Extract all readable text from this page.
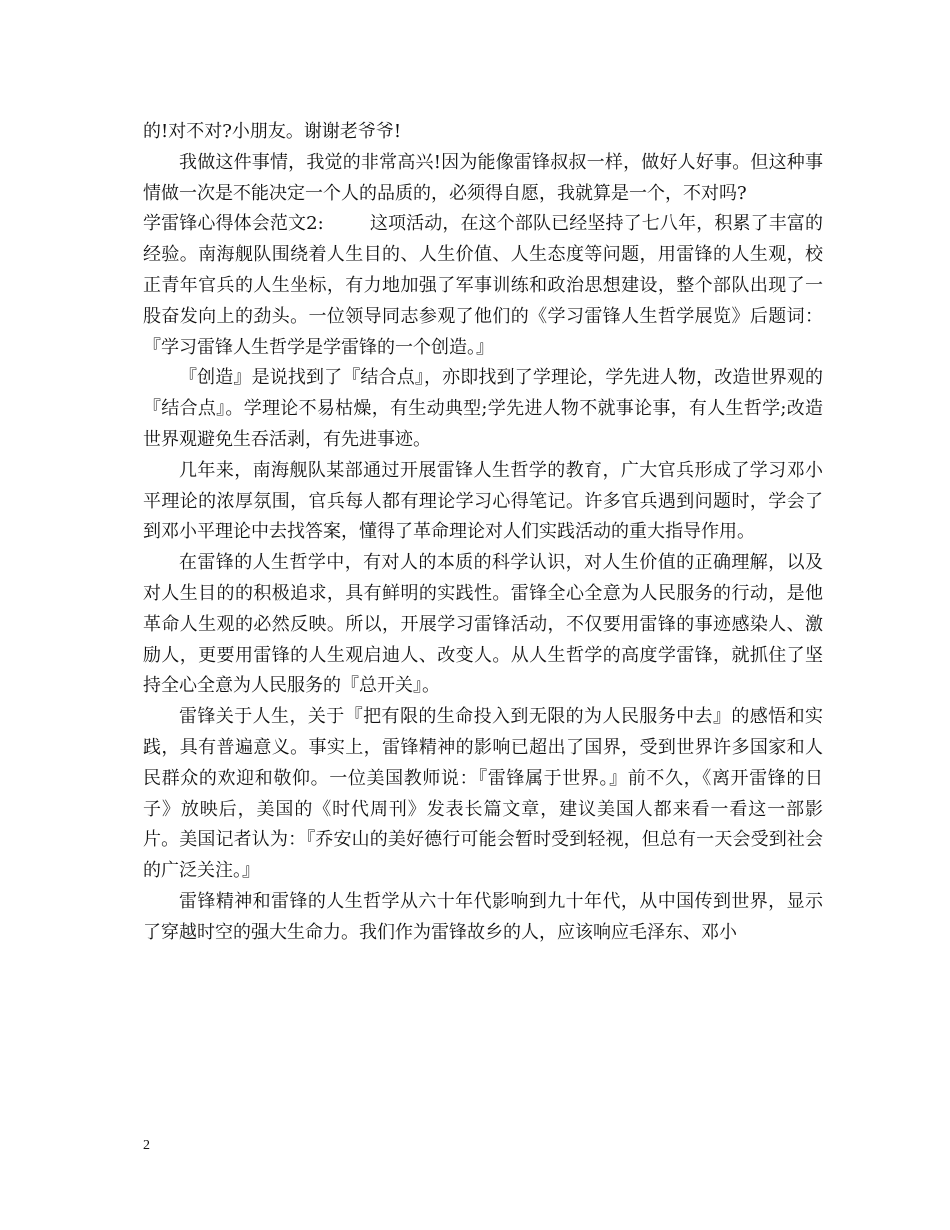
的!对不对?小朋友。谢谢老爷爷!

我做这件事情，我觉的非常高兴!因为能像雷锋叔叔一样，做好人好事。但这种事情做一次是不能决定一个人的品质的，必须得自愿，我就算是一个，不对吗?

学雷锋心得体会范文2:	这项活动，在这个部队已经坚持了七八年，积累了丰富的经验。南海舰队围绕着人生目的、人生价值、人生态度等问题，用雷锋的人生观，校正青年官兵的人生坐标，有力地加强了军事训练和政治思想建设，整个部队出现了一股奋发向上的劲头。一位领导同志参观了他们的《学习雷锋人生哲学展览》后题词：『学习雷锋人生哲学是学雷锋的一个创造。』

『创造』是说找到了『结合点』，亦即找到了学理论，学先进人物，改造世界观的『结合点』。学理论不易枯燥，有生动典型;学先进人物不就事论事，有人生哲学;改造世界观避免生吞活剥，有先进事迹。

几年来，南海舰队某部通过开展雷锋人生哲学的教育，广大官兵形成了学习邓小平理论的浓厚氛围，官兵每人都有理论学习心得笔记。许多官兵遇到问题时，学会了到邓小平理论中去找答案，懂得了革命理论对人们实践活动的重大指导作用。

在雷锋的人生哲学中，有对人的本质的科学认识，对人生价值的正确理解，以及对人生目的的积极追求，具有鲜明的实践性。雷锋全心全意为人民服务的行动，是他革命人生观的必然反映。所以，开展学习雷锋活动，不仅要用雷锋的事迹感染人、激励人，更要用雷锋的人生观启迪人、改变人。从人生哲学的高度学雷锋，就抓住了坚持全心全意为人民服务的『总开关』。

雷锋关于人生，关于『把有限的生命投入到无限的为人民服务中去』的感悟和实践，具有普遍意义。事实上，雷锋精神的影响已超出了国界，受到世界许多国家和人民群众的欢迎和敬仰。一位美国教师说：『雷锋属于世界。』前不久，《离开雷锋的日子》放映后，美国的《时代周刊》发表长篇文章，建议美国人都来看一看这一部影片。美国记者认为：『乔安山的美好德行可能会暂时受到轻视，但总有一天会受到社会的广泛关注。』

雷锋精神和雷锋的人生哲学从六十年代影响到九十年代，从中国传到世界，显示了穿越时空的强大生命力。我们作为雷锋故乡的人，应该响应毛泽东、邓小

2
